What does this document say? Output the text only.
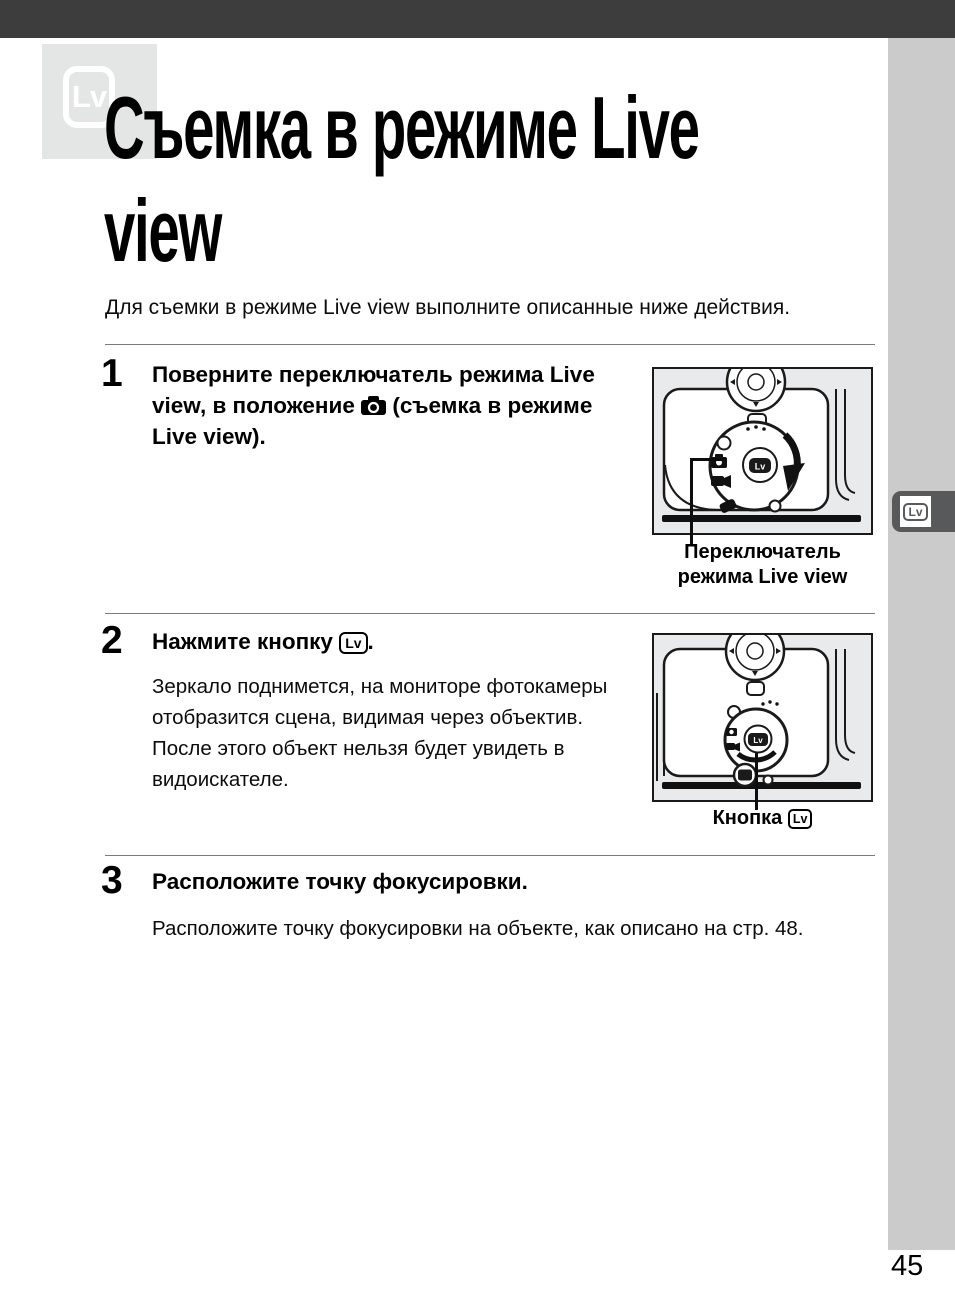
Lv
Lv
Съемка в режиме Live
view

Для съемки в режиме Live view выполните описанные ниже действия.

1 Поверните переключатель режима Live view, в положение  (съемка в режиме Live view).
Lv
Переключатель
режима Live view
2 Нажмите кнопку Lv .
Зеркало поднимется, на мониторе фотокамеры отобразится сцена, видимая через объектив. После этого объект нельзя будет увидеть в видоискателе.
Lv
Кнопка Lv
3 Расположите точку фокусировки.
Расположите точку фокусировки на объекте, как описано на стр. 48.
45
